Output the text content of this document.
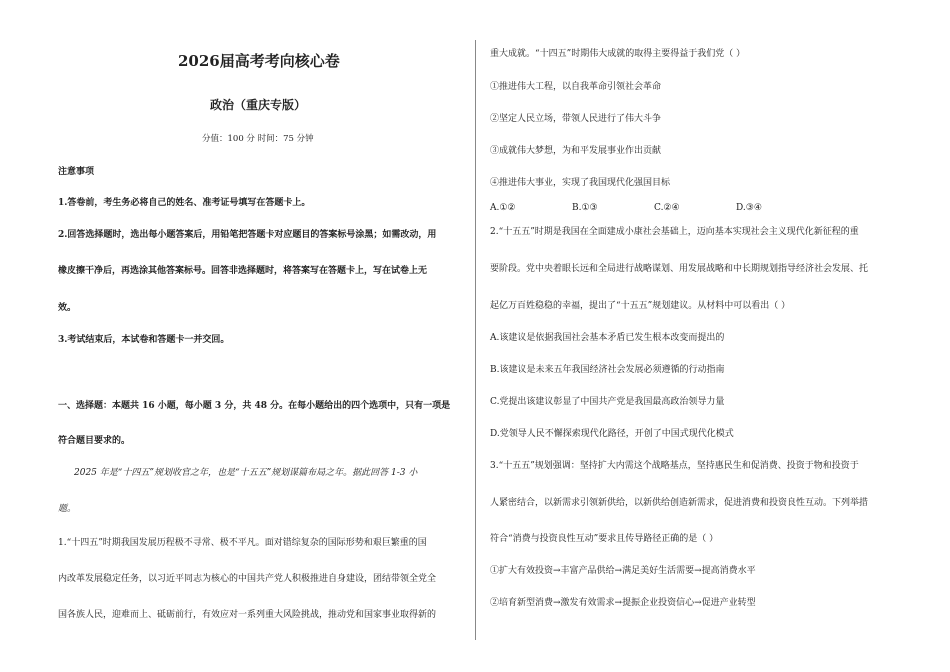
2026届高考考向核心卷
政治（重庆专版）
分值：100 分 时间：75 分钟
注意事项
1.答卷前，考生务必将自己的姓名、准考证号填写在答题卡上。
2.回答选择题时，选出每小题答案后，用铅笔把答题卡对应题目的答案标号涂黑；如需改动，用
橡皮擦干净后，再选涂其他答案标号。回答非选择题时，将答案写在答题卡上，写在试卷上无
效。
3.考试结束后，本试卷和答题卡一并交回。
一、选择题：本题共 16 小题，每小题 3 分，共 48 分。在每小题给出的四个选项中，只有一项是
符合题目要求的。
2025 年是“十四五”规划收官之年，也是“十五五”规划谋篇布局之年。据此回答 1-3 小
题。
1.“十四五”时期我国发展历程极不寻常、极不平凡。面对错综复杂的国际形势和艰巨繁重的国
内改革发展稳定任务，以习近平同志为核心的中国共产党人积极推进自身建设，团结带领全党全
国各族人民，迎难而上、砥砺前行，有效应对一系列重大风险挑战，推动党和国家事业取得新的
重大成就。“十四五”时期伟大成就的取得主要得益于我们党（ ）
①推进伟大工程，以自我革命引领社会革命
②坚定人民立场，带领人民进行了伟大斗争
③成就伟大梦想，为和平发展事业作出贡献
④推进伟大事业，实现了我国现代化强国目标
A.①②	B.①③	C.②④	D.③④
2.“十五五”时期是我国在全面建成小康社会基础上，迈向基本实现社会主义现代化新征程的重
要阶段。党中央着眼长远和全局进行战略谋划、用发展战略和中长期规划指导经济社会发展、托
起亿万百姓稳稳的幸福，提出了“十五五”规划建议。从材料中可以看出（ ）
A.该建议是依据我国社会基本矛盾已发生根本改变而提出的
B.该建议是未来五年我国经济社会发展必须遵循的行动指南
C.党提出该建议彰显了中国共产党是我国最高政治领导力量
D.党领导人民不懈探索现代化路径，开创了中国式现代化模式
3.“十五五”规划强调：坚持扩大内需这个战略基点，坚持惠民生和促消费、投资于物和投资于
人紧密结合，以新需求引领新供给，以新供给创造新需求，促进消费和投资良性互动。下列举措
符合“消费与投资良性互动”要求且传导路径正确的是（ ）
①扩大有效投资→丰富产品供给→满足美好生活需要→提高消费水平
②培育新型消费→激发有效需求→提振企业投资信心→促进产业转型
